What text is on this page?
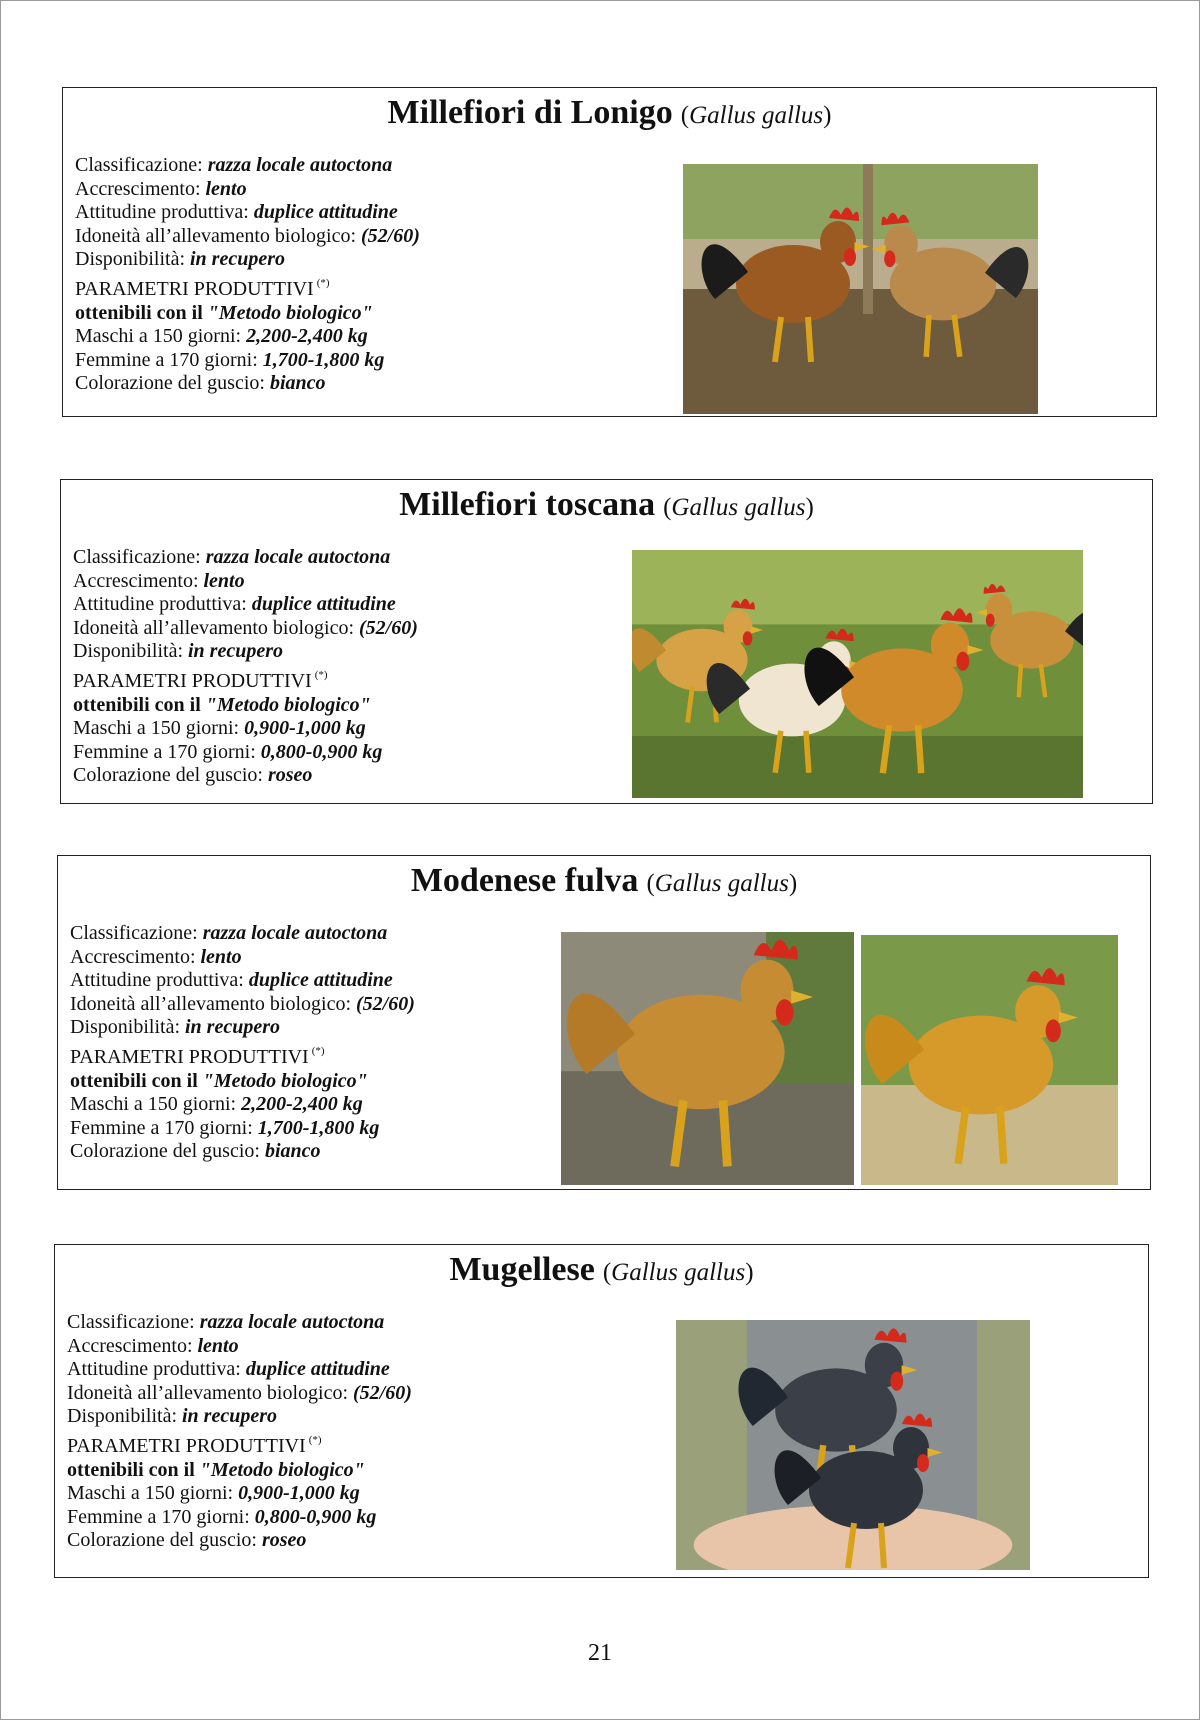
Millefiori di Lonigo (Gallus gallus)
Classificazione: razza locale autoctona
Accrescimento: lento
Attitudine produttiva: duplice attitudine
Idoneità all’allevamento biologico: (52/60)
Disponibilità: in recupero
PARAMETRI PRODUTTIVI (*)
ottenibili con il "Metodo biologico"
Maschi a 150 giorni: 2,200-2,400 kg
Femmine a 170 giorni: 1,700-1,800 kg
Colorazione del guscio: bianco
Millefiori toscana (Gallus gallus)
Classificazione: razza locale autoctona
Accrescimento: lento
Attitudine produttiva: duplice attitudine
Idoneità all’allevamento biologico: (52/60)
Disponibilità: in recupero
PARAMETRI PRODUTTIVI (*)
ottenibili con il "Metodo biologico"
Maschi a 150 giorni: 0,900-1,000 kg
Femmine a 170 giorni: 0,800-0,900 kg
Colorazione del guscio: roseo
Modenese fulva (Gallus gallus)
Classificazione: razza locale autoctona
Accrescimento: lento
Attitudine produttiva: duplice attitudine
Idoneità all’allevamento biologico: (52/60)
Disponibilità: in recupero
PARAMETRI PRODUTTIVI (*)
ottenibili con il "Metodo biologico"
Maschi a 150 giorni: 2,200-2,400 kg
Femmine a 170 giorni: 1,700-1,800 kg
Colorazione del guscio: bianco
Mugellese (Gallus gallus)
Classificazione: razza locale autoctona
Accrescimento: lento
Attitudine produttiva: duplice attitudine
Idoneità all’allevamento biologico: (52/60)
Disponibilità: in recupero
PARAMETRI PRODUTTIVI (*)
ottenibili con il "Metodo biologico"
Maschi a 150 giorni: 0,900-1,000 kg
Femmine a 170 giorni: 0,800-0,900 kg
Colorazione del guscio: roseo
21
